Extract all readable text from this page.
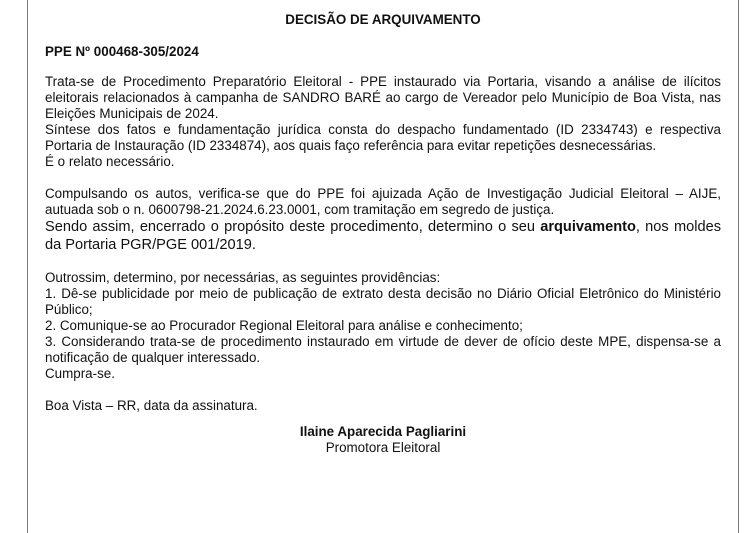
DECISÃO DE ARQUIVAMENTO
PPE Nº 000468-305/2024

Trata-se de Procedimento Preparatório Eleitoral - PPE instaurado via Portaria, visando a análise de ilícitos eleitorais relacionados à campanha de SANDRO BARÉ ao cargo de Vereador pelo Município de Boa Vista, nas Eleições Municipais de 2024.

Síntese dos fatos e fundamentação jurídica consta do despacho fundamentado (ID 2334743) e respectiva Portaria de Instauração (ID 2334874), aos quais faço referência para evitar repetições desnecessárias.

É o relato necessário.

Compulsando os autos, verifica-se que do PPE foi ajuizada Ação de Investigação Judicial Eleitoral – AIJE, autuada sob o n. 0600798-21.2024.6.23.0001, com tramitação em segredo de justiça.

Sendo assim, encerrado o propósito deste procedimento, determino o seu arquivamento, nos moldes da Portaria PGR/PGE 001/2019.

Outrossim, determino, por necessárias, as seguintes providências:

1. Dê-se publicidade por meio de publicação de extrato desta decisão no Diário Oficial Eletrônico do Ministério Público;

2. Comunique-se ao Procurador Regional Eleitoral para análise e conhecimento;

3. Considerando trata-se de procedimento instaurado em virtude de dever de ofício deste MPE, dispensa-se a notificação de qualquer interessado.

Cumpra-se.

Boa Vista – RR, data da assinatura.

Ilaine Aparecida Pagliarini
Promotora Eleitoral
